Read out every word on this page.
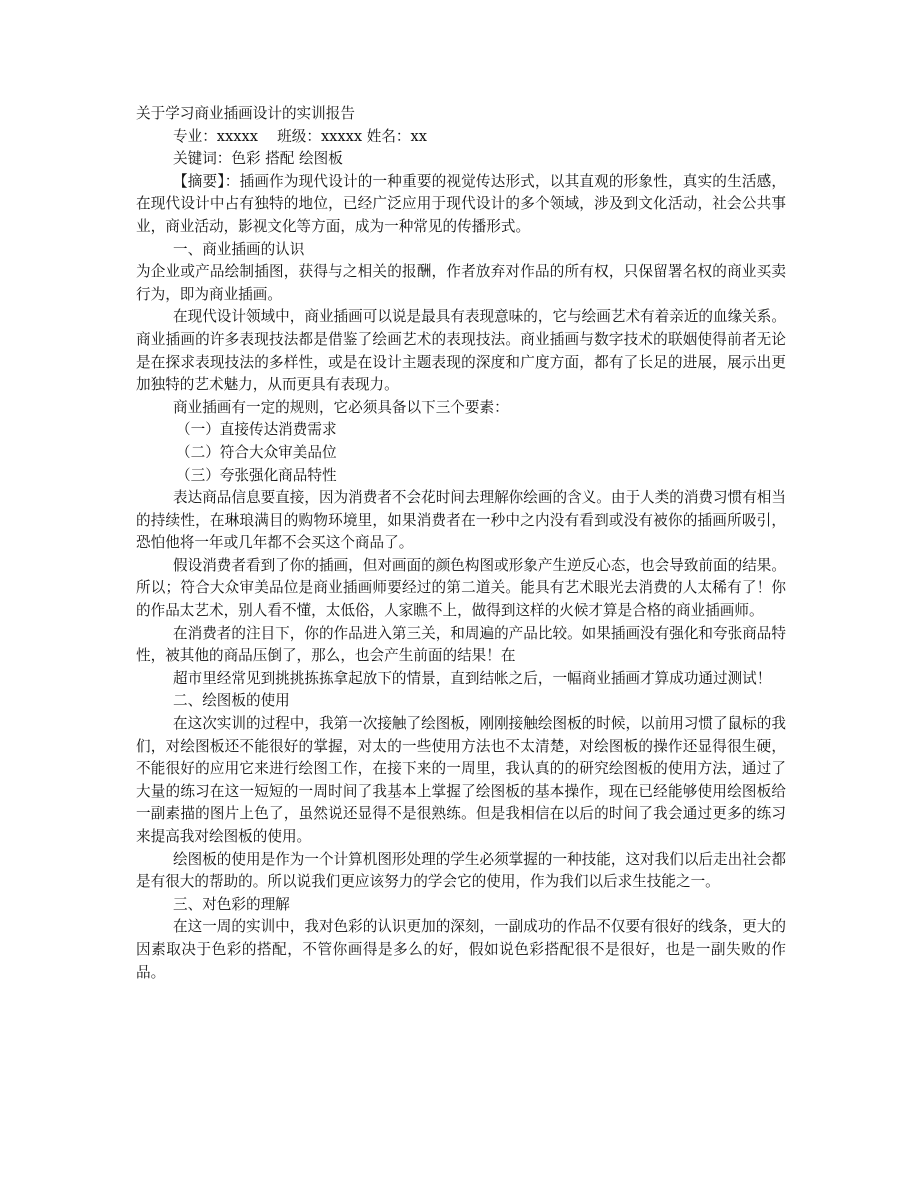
关于学习商业插画设计的实训报告
专业：xxxxx　 班级：xxxxx 姓名：xx
关键词：色彩 搭配 绘图板
【摘要】：插画作为现代设计的一种重要的视觉传达形式，以其直观的形象性，真实的生活感，在现代设计中占有独特的地位，已经广泛应用于现代设计的多个领域，涉及到文化活动，社会公共事业，商业活动，影视文化等方面，成为一种常见的传播形式。
一、商业插画的认识
为企业或产品绘制插图，获得与之相关的报酬，作者放弃对作品的所有权，只保留署名权的商业买卖行为，即为商业插画。
在现代设计领域中，商业插画可以说是最具有表现意味的，它与绘画艺术有着亲近的血缘关系。商业插画的许多表现技法都是借鉴了绘画艺术的表现技法。商业插画与数字技术的联姻使得前者无论是在探求表现技法的多样性，或是在设计主题表现的深度和广度方面，都有了长足的进展，展示出更加独特的艺术魅力，从而更具有表现力。
商业插画有一定的规则，它必须具备以下三个要素：
（一）直接传达消费需求
（二）符合大众审美品位
（三）夸张强化商品特性
表达商品信息要直接，因为消费者不会花时间去理解你绘画的含义。由于人类的消费习惯有相当的持续性，在琳琅满目的购物环境里，如果消费者在一秒中之内没有看到或没有被你的插画所吸引，恐怕他将一年或几年都不会买这个商品了。
假设消费者看到了你的插画，但对画面的颜色构图或形象产生逆反心态，也会导致前面的结果。所以；符合大众审美品位是商业插画师要经过的第二道关。能具有艺术眼光去消费的人太稀有了！你的作品太艺术，别人看不懂，太低俗，人家瞧不上，做得到这样的火候才算是合格的商业插画师。
在消费者的注目下，你的作品进入第三关，和周遍的产品比较。如果插画没有强化和夸张商品特性，被其他的商品压倒了，那么，也会产生前面的结果！在
超市里经常见到挑挑拣拣拿起放下的情景，直到结帐之后，一幅商业插画才算成功通过测试！
二、绘图板的使用
在这次实训的过程中，我第一次接触了绘图板，刚刚接触绘图板的时候，以前用习惯了鼠标的我们，对绘图板还不能很好的掌握，对太的一些使用方法也不太清楚，对绘图板的操作还显得很生硬，不能很好的应用它来进行绘图工作，在接下来的一周里，我认真的的研究绘图板的使用方法，通过了大量的练习在这一短短的一周时间了我基本上掌握了绘图板的基本操作，现在已经能够使用绘图板给一副素描的图片上色了，虽然说还显得不是很熟练。但是我相信在以后的时间了我会通过更多的练习来提高我对绘图板的使用。
绘图板的使用是作为一个计算机图形处理的学生必须掌握的一种技能，这对我们以后走出社会都是有很大的帮助的。所以说我们更应该努力的学会它的使用，作为我们以后求生技能之一。
三、对色彩的理解
在这一周的实训中，我对色彩的认识更加的深刻，一副成功的作品不仅要有很好的线条，更大的因素取决于色彩的搭配，不管你画得是多么的好，假如说色彩搭配很不是很好，也是一副失败的作品。
